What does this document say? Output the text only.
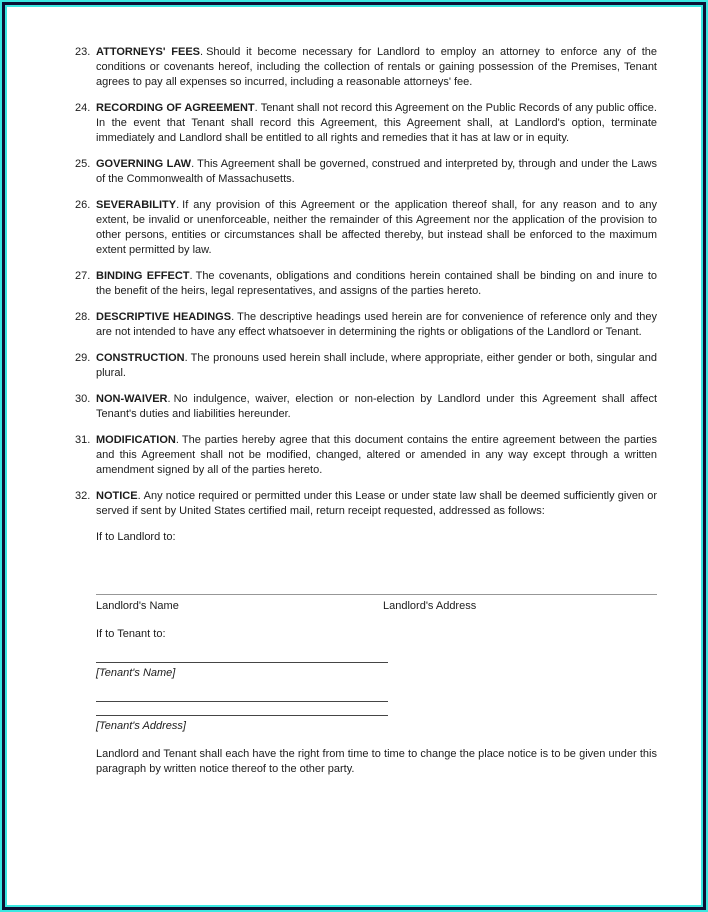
23. ATTORNEYS' FEES. Should it become necessary for Landlord to employ an attorney to enforce any of the conditions or covenants hereof, including the collection of rentals or gaining possession of the Premises, Tenant agrees to pay all expenses so incurred, including a reasonable attorneys' fee.
24. RECORDING OF AGREEMENT. Tenant shall not record this Agreement on the Public Records of any public office. In the event that Tenant shall record this Agreement, this Agreement shall, at Landlord's option, terminate immediately and Landlord shall be entitled to all rights and remedies that it has at law or in equity.
25. GOVERNING LAW. This Agreement shall be governed, construed and interpreted by, through and under the Laws of the Commonwealth of Massachusetts.
26. SEVERABILITY. If any provision of this Agreement or the application thereof shall, for any reason and to any extent, be invalid or unenforceable, neither the remainder of this Agreement nor the application of the provision to other persons, entities or circumstances shall be affected thereby, but instead shall be enforced to the maximum extent permitted by law.
27. BINDING EFFECT. The covenants, obligations and conditions herein contained shall be binding on and inure to the benefit of the heirs, legal representatives, and assigns of the parties hereto.
28. DESCRIPTIVE HEADINGS. The descriptive headings used herein are for convenience of reference only and they are not intended to have any effect whatsoever in determining the rights or obligations of the Landlord or Tenant.
29. CONSTRUCTION. The pronouns used herein shall include, where appropriate, either gender or both, singular and plural.
30. NON-WAIVER. No indulgence, waiver, election or non-election by Landlord under this Agreement shall affect Tenant's duties and liabilities hereunder.
31. MODIFICATION. The parties hereby agree that this document contains the entire agreement between the parties and this Agreement shall not be modified, changed, altered or amended in any way except through a written amendment signed by all of the parties hereto.
32. NOTICE. Any notice required or permitted under this Lease or under state law shall be deemed sufficiently given or served if sent by United States certified mail, return receipt requested, addressed as follows:
If to Landlord to:
Landlord's Name	Landlord's Address
If to Tenant to:
[Tenant's Name]
[Tenant's Address]
Landlord and Tenant shall each have the right from time to time to change the place notice is to be given under this paragraph by written notice thereof to the other party.
